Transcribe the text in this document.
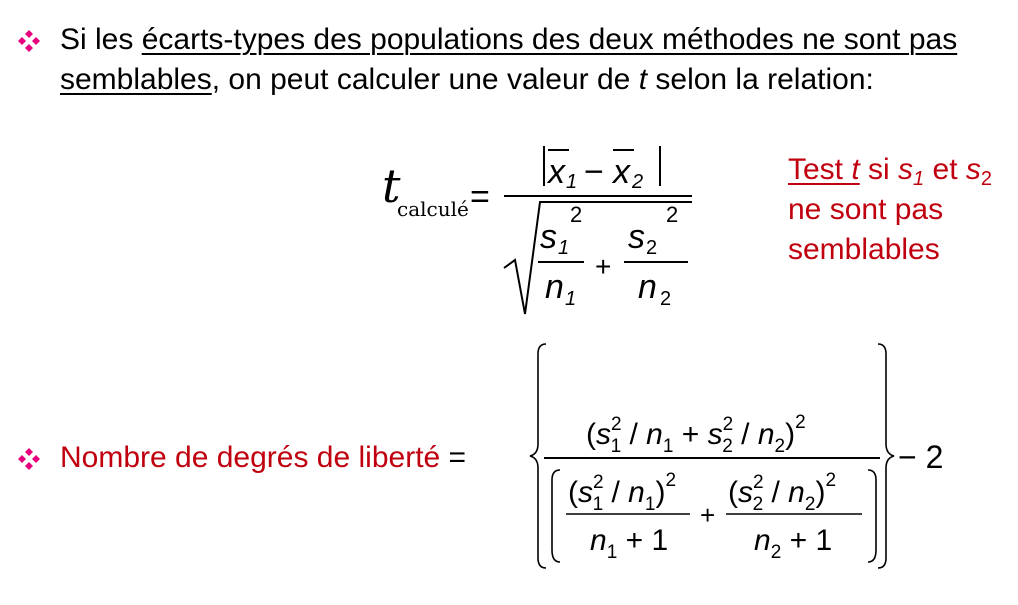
Si les écarts-types des populations des deux méthodes ne sont pas semblables, on peut calculer une valeur de t selon la relation:
t
calculé =
x 1 − x 2
s 1
2
n 1
+
s 2
2
n 2
Test t si $s_1$ et $s_2$
ne sont pas semblables
Nombre de degrés de liberté =
($s^2$ $1 / n_1 + s^2$ $2 / n_2)^2$
($s^2$ $1 / n_1)^2$
$n_1 + 1$
+
($s^2$ $2 / n_2)^2$
$n_2 + 1$
− 2
